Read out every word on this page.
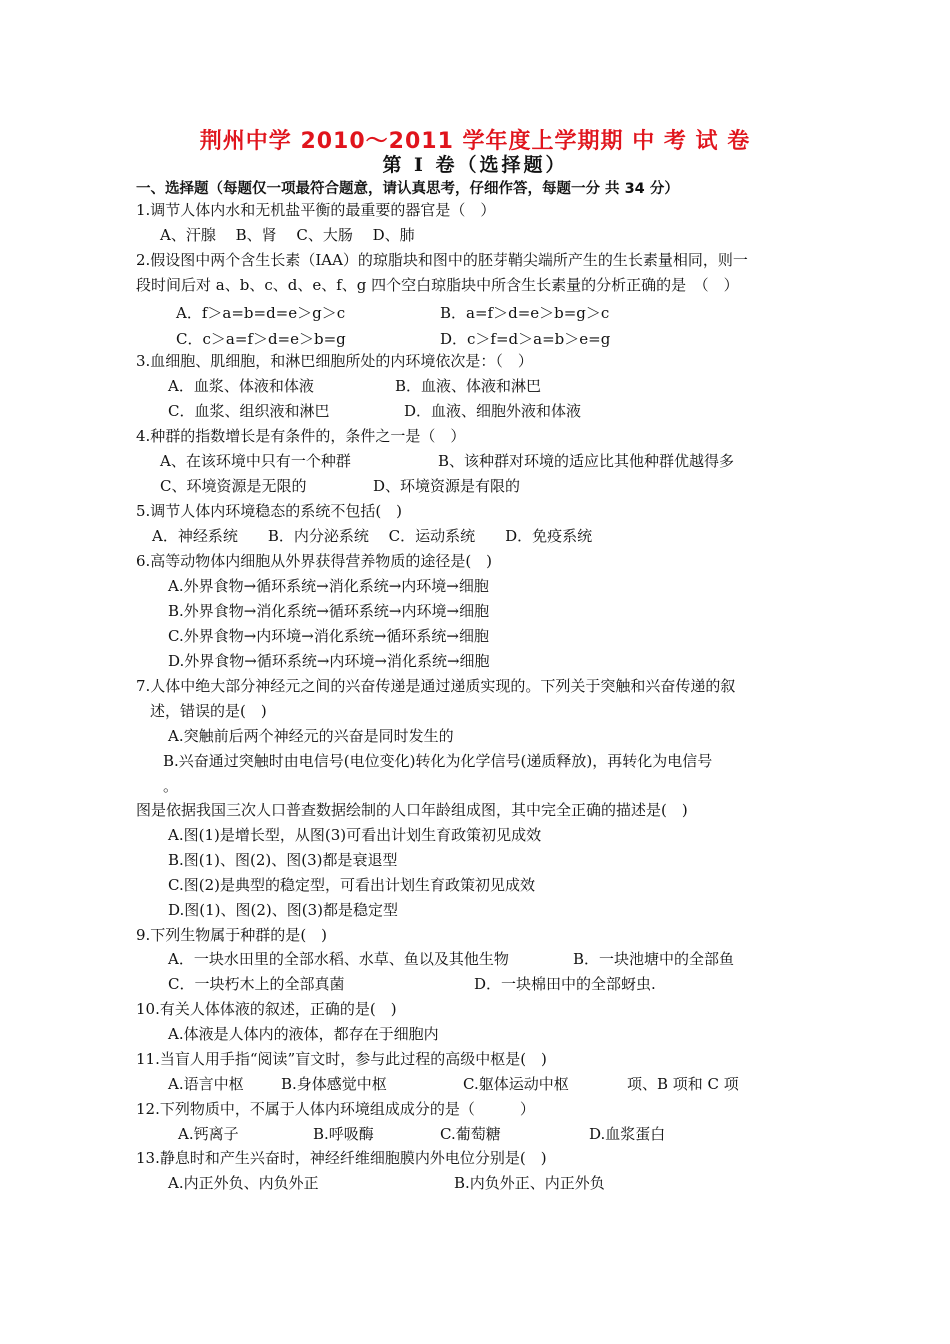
荆州中学 2010～2011 学年度上学期期 中 考 试 卷
第 I 卷（选择题）
一、选择题（每题仅一项最符合题意，请认真思考，仔细作答，每题一分 共 34 分）
1.调节人体内水和无机盐平衡的最重要的器官是（　）
A、汗腺　 B、肾　 C、大肠　 D、肺
2.假设图中两个含生长素（IAA）的琼脂块和图中的胚芽鞘尖端所产生的生长素量相同，则一
段时间后对 a、b、c、d、e、f、g 四个空白琼脂块中所含生长素量的分析正确的是　（　）
A．f＞a=b=d=e＞g＞c	B．a=f＞d=e＞b=g＞c
C．c＞a=f＞d=e＞b=g	D．c＞f=d＞a=b＞e=g
3.血细胞、肌细胞，和淋巴细胞所处的内环境依次是：（　）
A．血浆、体液和体液	B．血液、体液和淋巴
C．血浆、组织液和淋巴	D．血液、细胞外液和体液
4.种群的指数增长是有条件的，条件之一是（　）
A、在该环境中只有一个种群	B、该种群对环境的适应比其他种群优越得多
C、环境资源是无限的	D、环境资源是有限的
5.调节人体内环境稳态的系统不包括(　)
A．神经系统　　B．内分泌系统　 C．运动系统　　D．免疫系统
6.高等动物体内细胞从外界获得营养物质的途径是(　)
A.外界食物→循环系统→消化系统→内环境→细胞
B.外界食物→消化系统→循环系统→内环境→细胞
C.外界食物→内环境→消化系统→循环系统→细胞
D.外界食物→循环系统→内环境→消化系统→细胞
7.人体中绝大部分神经元之间的兴奋传递是通过递质实现的。下列关于突触和兴奋传递的叙
述，错误的是(　)
A.突触前后两个神经元的兴奋是同时发生的
B.兴奋通过突触时由电信号(电位变化)转化为化学信号(递质释放)，再转化为电信号
。
图是依据我国三次人口普查数据绘制的人口年龄组成图，其中完全正确的描述是(　)
A.图(1)是增长型，从图(3)可看出计划生育政策初见成效
B.图(1)、图(2)、图(3)都是衰退型
C.图(2)是典型的稳定型，可看出计划生育政策初见成效
D.图(1)、图(2)、图(3)都是稳定型
9.下列生物属于种群的是(　)
A．一块水田里的全部水稻、水草、鱼以及其他生物	B．一块池塘中的全部鱼
C．一块朽木上的全部真菌	D．一块棉田中的全部蚜虫.
10.有关人体体液的叙述，正确的是(　)
A.体液是人体内的液体，都存在于细胞内
11.当盲人用手指“阅读”盲文时，参与此过程的高级中枢是(　)
A.语言中枢 B.身体感觉中枢	C.躯体运动中枢	项、B 项和 C 项
12.下列物质中，不属于人体内环境组成成分的是（　　　）
A.钙离子	B.呼吸酶	C.葡萄糖	D.血浆蛋白
13.静息时和产生兴奋时，神经纤维细胞膜内外电位分别是(　)
A.内正外负、内负外正	B.内负外正、内正外负
